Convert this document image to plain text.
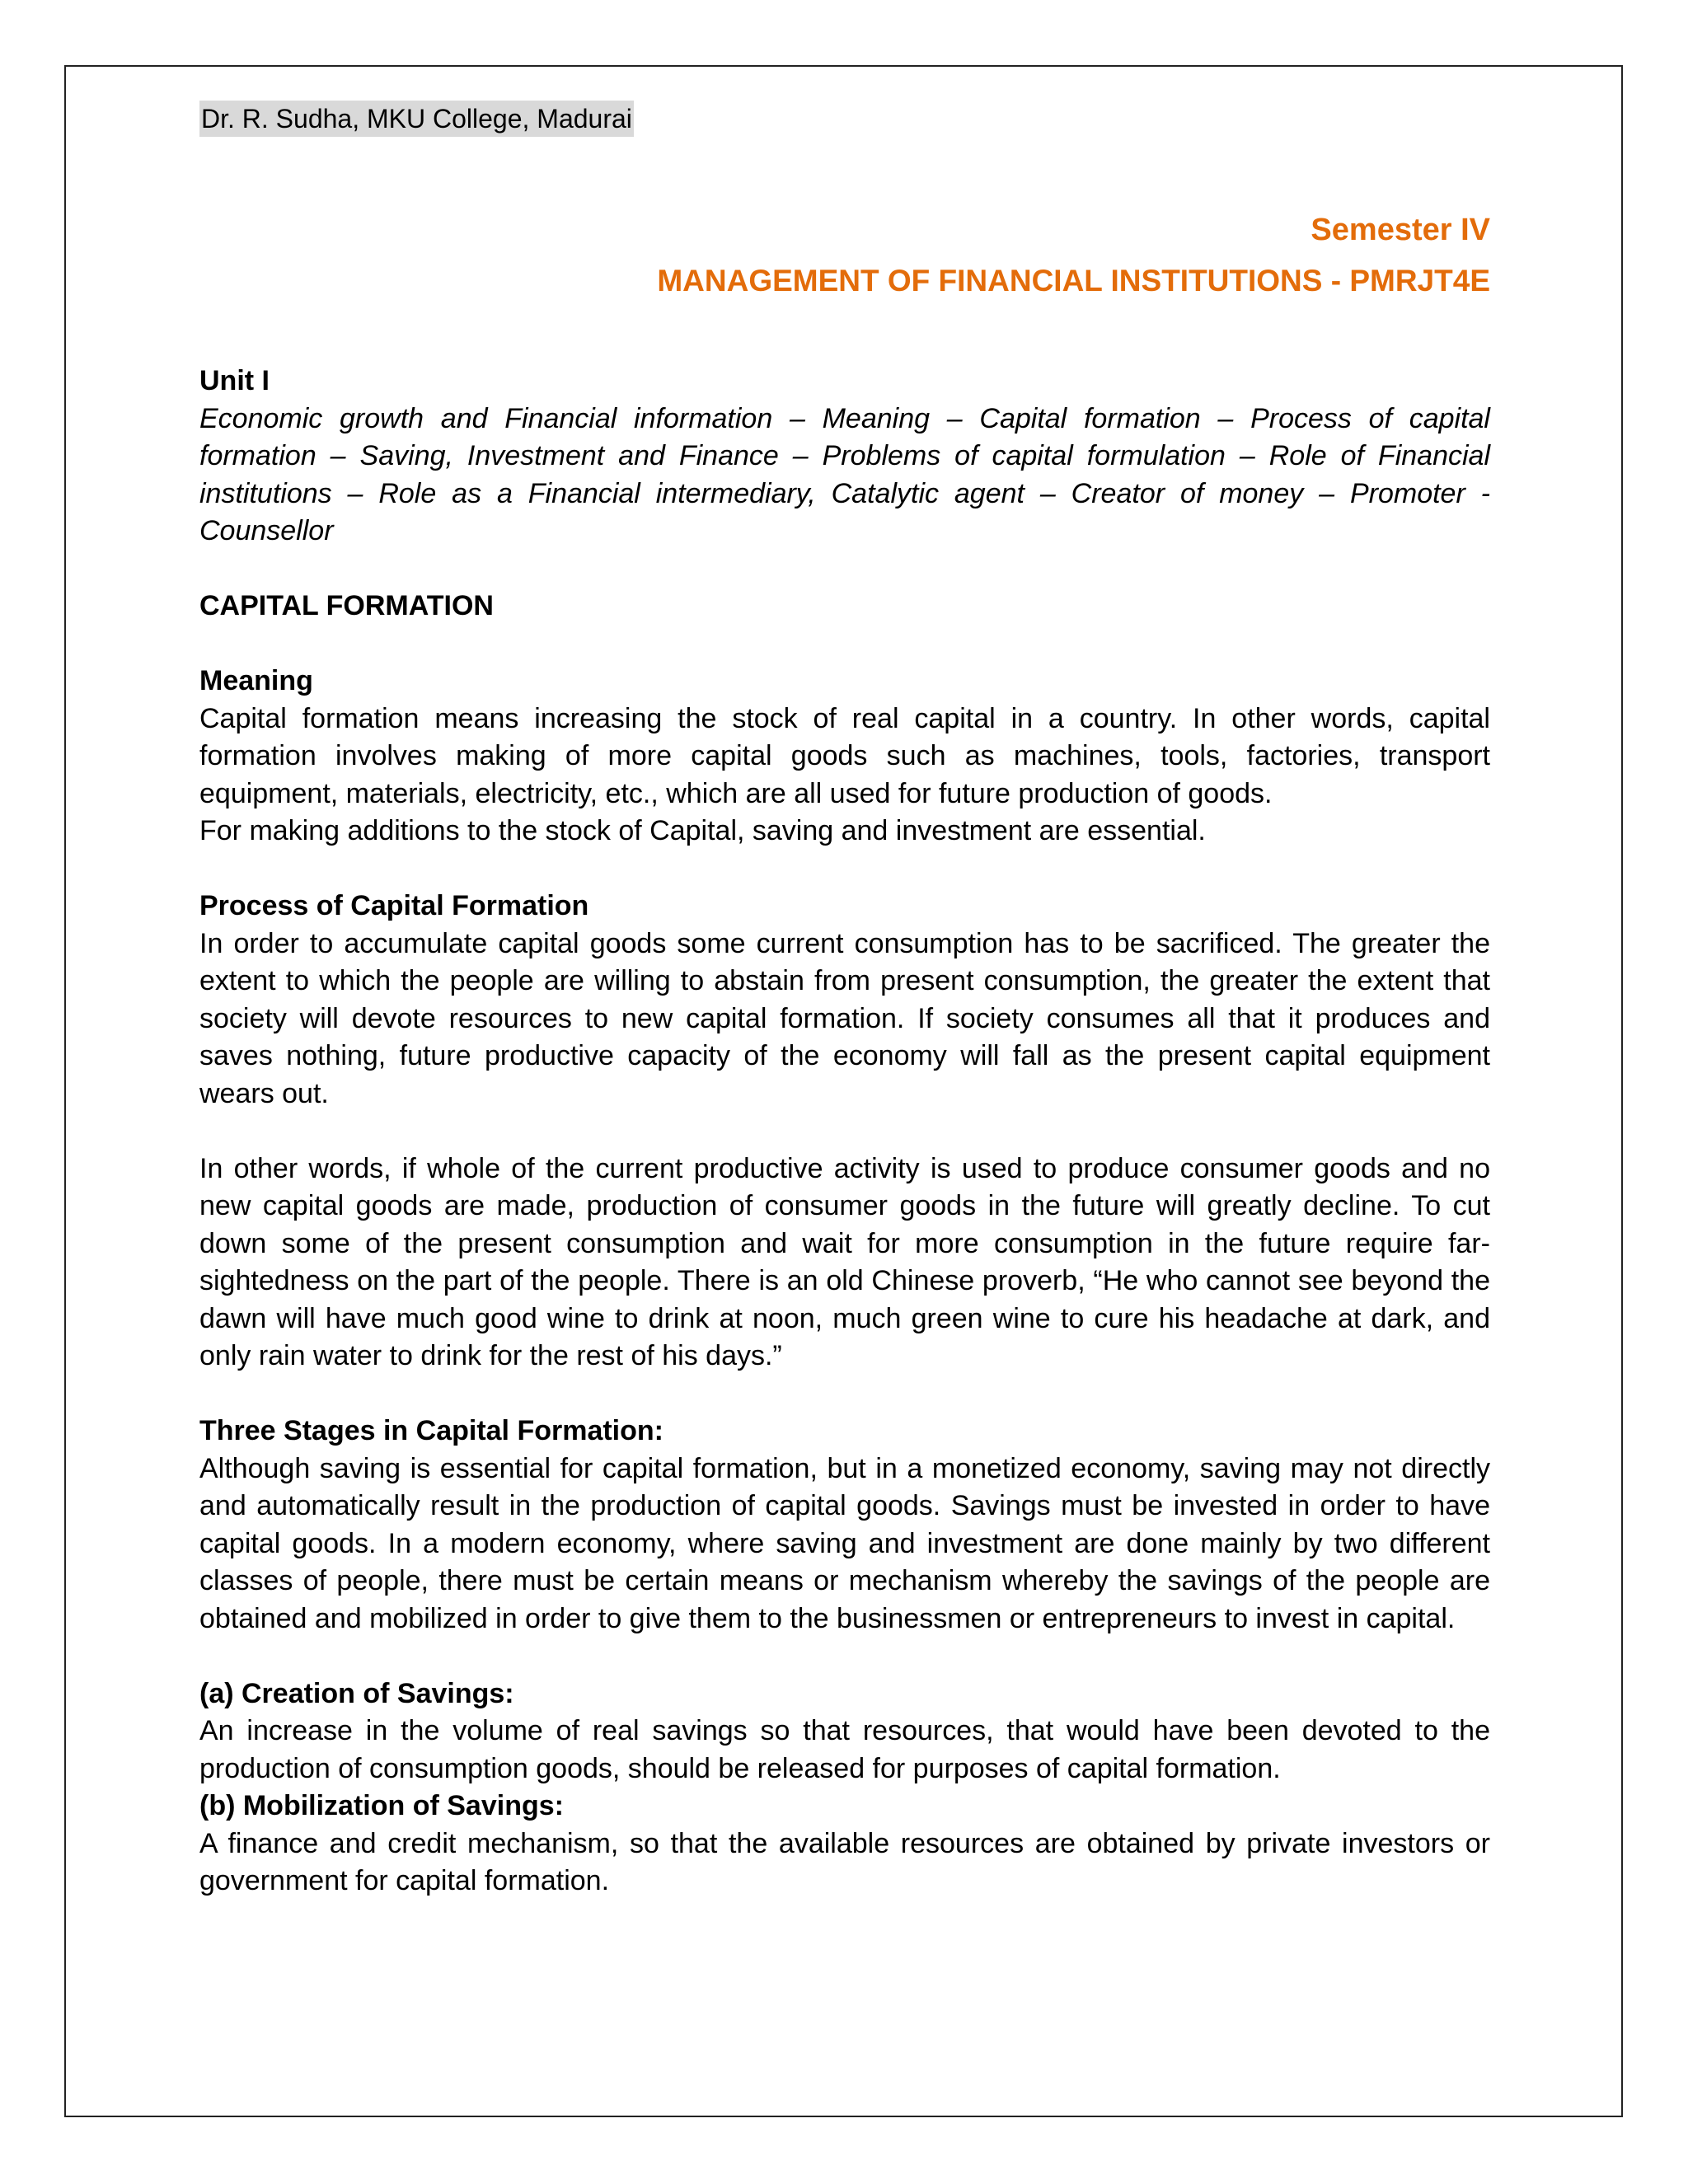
Dr. R. Sudha, MKU College, Madurai
Semester IV
MANAGEMENT OF FINANCIAL INSTITUTIONS - PMRJT4E

Unit I

Economic growth and Financial information – Meaning – Capital formation – Process of capital formation – Saving, Investment and Finance – Problems of capital formulation – Role of Financial institutions – Role as a Financial intermediary, Catalytic agent – Creator of money – Promoter - Counsellor

CAPITAL FORMATION

Meaning

Capital formation means increasing the stock of real capital in a country. In other words, capital formation involves making of more capital goods such as machines, tools, factories, transport equipment, materials, electricity, etc., which are all used for future production of goods.

For making additions to the stock of Capital, saving and investment are essential.

Process of Capital Formation

In order to accumulate capital goods some current consumption has to be sacrificed. The greater the extent to which the people are willing to abstain from present consumption, the greater the extent that society will devote resources to new capital formation. If society consumes all that it produces and saves nothing, future productive capacity of the economy will fall as the present capital equipment wears out.

In other words, if whole of the current productive activity is used to produce consumer goods and no new capital goods are made, production of consumer goods in the future will greatly decline. To cut down some of the present consumption and wait for more consumption in the future require far-sightedness on the part of the people. There is an old Chinese proverb, “He who cannot see beyond the dawn will have much good wine to drink at noon, much green wine to cure his headache at dark, and only rain water to drink for the rest of his days.”

Three Stages in Capital Formation:

Although saving is essential for capital formation, but in a monetized economy, saving may not directly and automatically result in the production of capital goods. Savings must be invested in order to have capital goods. In a modern economy, where saving and investment are done mainly by two different classes of people, there must be certain means or mechanism whereby the savings of the people are obtained and mobilized in order to give them to the businessmen or entrepreneurs to invest in capital.

(a) Creation of Savings:

An increase in the volume of real savings so that resources, that would have been devoted to the production of consumption goods, should be released for purposes of capital formation.

(b) Mobilization of Savings:

A finance and credit mechanism, so that the available resources are obtained by private investors or government for capital formation.
